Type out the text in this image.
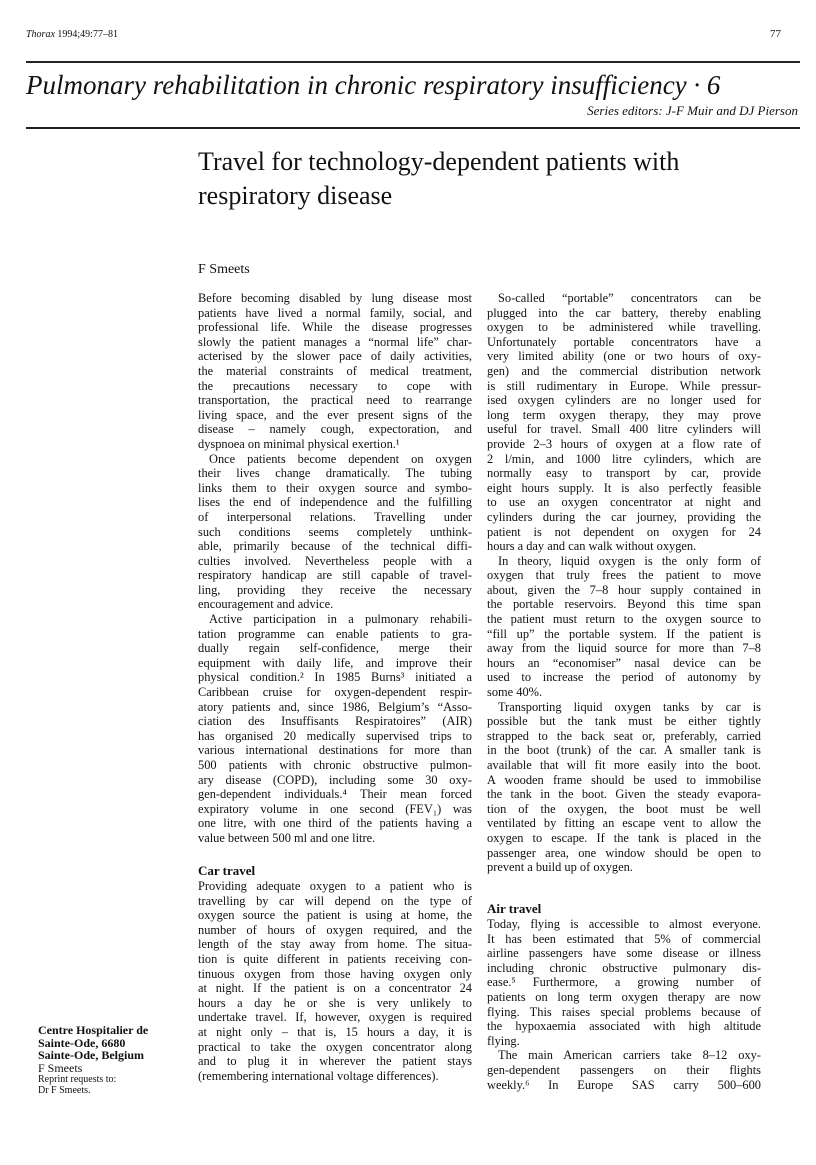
Thorax 1994;49:77–81	77
Pulmonary rehabilitation in chronic respiratory insufficiency · 6
Series editors: J-F Muir and DJ Pierson
Travel for technology-dependent patients with
respiratory disease
F Smeets
Before becoming disabled by lung disease most
patients have lived a normal family, social, and
professional life. While the disease progresses
slowly the patient manages a “normal life” char-
acterised by the slower pace of daily activities,
the material constraints of medical treatment,
the precautions necessary to cope with
transportation, the practical need to rearrange
living space, and the ever present signs of the
disease – namely cough, expectoration, and
dyspnoea on minimal physical exertion.¹
Once patients become dependent on oxygen
their lives change dramatically. The tubing
links them to their oxygen source and symbo-
lises the end of independence and the fulfilling
of interpersonal relations. Travelling under
such conditions seems completely unthink-
able, primarily because of the technical diffi-
culties involved. Nevertheless people with a
respiratory handicap are still capable of travel-
ling, providing they receive the necessary
encouragement and advice.
Active participation in a pulmonary rehabili-
tation programme can enable patients to gra-
dually regain self-confidence, merge their
equipment with daily life, and improve their
physical condition.² In 1985 Burns³ initiated a
Caribbean cruise for oxygen-dependent respir-
atory patients and, since 1986, Belgium’s “Asso-
ciation des Insuffisants Respiratoires” (AIR)
has organised 20 medically supervised trips to
various international destinations for more than
500 patients with chronic obstructive pulmon-
ary disease (COPD), including some 30 oxy-
gen-dependent individuals.⁴ Their mean forced
expiratory volume in one second (FEV₁) was
one litre, with one third of the patients having a
value between 500 ml and one litre.
Car travel
Providing adequate oxygen to a patient who is
travelling by car will depend on the type of
oxygen source the patient is using at home, the
number of hours of oxygen required, and the
length of the stay away from home. The situa-
tion is quite different in patients receiving con-
tinuous oxygen from those having oxygen only
at night. If the patient is on a concentrator 24
hours a day he or she is very unlikely to
undertake travel. If, however, oxygen is required
at night only – that is, 15 hours a day, it is
practical to take the oxygen concentrator along
and to plug it in wherever the patient stays
(remembering international voltage differences).
So-called “portable” concentrators can be
plugged into the car battery, thereby enabling
oxygen to be administered while travelling.
Unfortunately portable concentrators have a
very limited ability (one or two hours of oxy-
gen) and the commercial distribution network
is still rudimentary in Europe. While pressur-
ised oxygen cylinders are no longer used for
long term oxygen therapy, they may prove
useful for travel. Small 400 litre cylinders will
provide 2–3 hours of oxygen at a flow rate of
2 l/min, and 1000 litre cylinders, which are
normally easy to transport by car, provide
eight hours supply. It is also perfectly feasible
to use an oxygen concentrator at night and
cylinders during the car journey, providing the
patient is not dependent on oxygen for 24
hours a day and can walk without oxygen.
In theory, liquid oxygen is the only form of
oxygen that truly frees the patient to move
about, given the 7–8 hour supply contained in
the portable reservoirs. Beyond this time span
the patient must return to the oxygen source to
“fill up” the portable system. If the patient is
away from the liquid source for more than 7–8
hours an “economiser” nasal device can be
used to increase the period of autonomy by
some 40%.
Transporting liquid oxygen tanks by car is
possible but the tank must be either tightly
strapped to the back seat or, preferably, carried
in the boot (trunk) of the car. A smaller tank is
available that will fit more easily into the boot.
A wooden frame should be used to immobilise
the tank in the boot. Given the steady evapora-
tion of the oxygen, the boot must be well
ventilated by fitting an escape vent to allow the
oxygen to escape. If the tank is placed in the
passenger area, one window should be open to
prevent a build up of oxygen.
Air travel
Today, flying is accessible to almost everyone.
It has been estimated that 5% of commercial
airline passengers have some disease or illness
including chronic obstructive pulmonary dis-
ease.⁵ Furthermore, a growing number of
patients on long term oxygen therapy are now
flying. This raises special problems because of
the hypoxaemia associated with high altitude
flying.
The main American carriers take 8–12 oxy-
gen-dependent passengers on their flights
weekly.⁶ In Europe SAS carry 500–600
Centre Hospitalier de
Sainte-Ode, 6680
Sainte-Ode, Belgium
F Smeets
Reprint requests to:
Dr F Smeets.
